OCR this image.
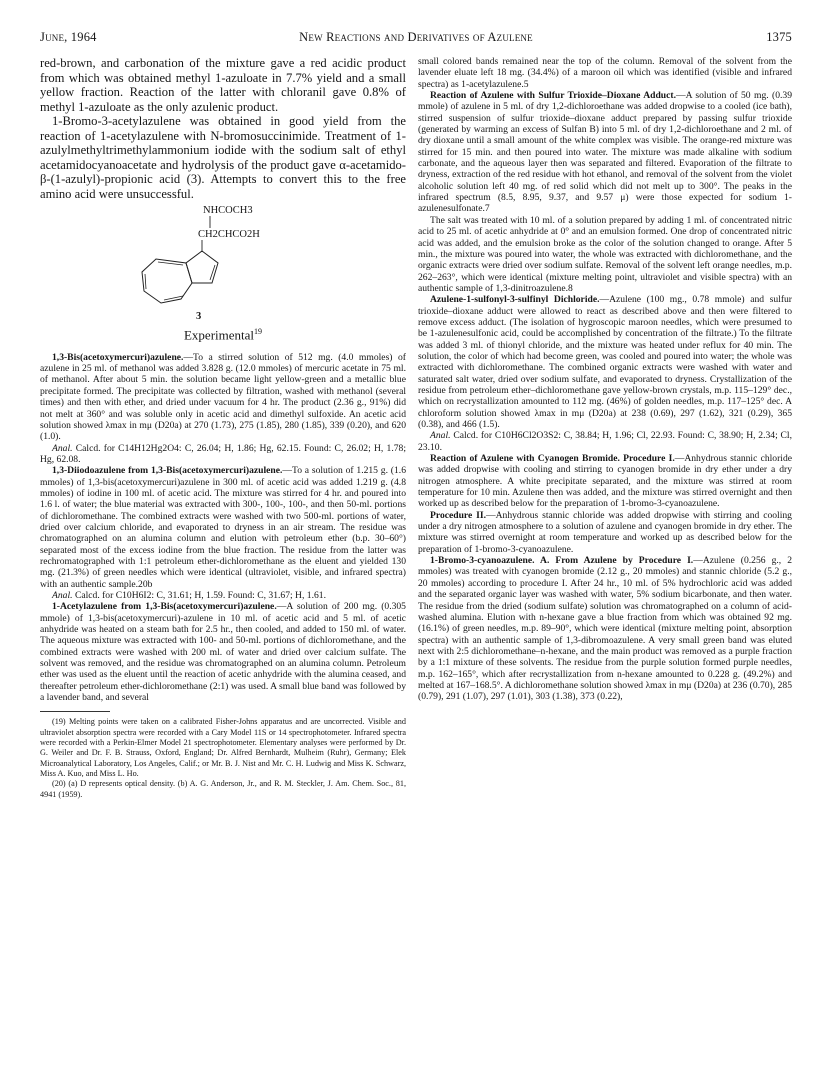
June, 1964	New Reactions and Derivatives of Azulene	1375

red-brown, and carbonation of the mixture gave a red acidic product from which was obtained methyl 1-azuloate in 7.7% yield and a small yellow fraction. Reaction of the latter with chloranil gave 0.8% of methyl 1-azuloate as the only azulenic product.

1-Bromo-3-acetylazulene was obtained in good yield from the reaction of 1-acetylazulene with N-bromosuccinimide. Treatment of 1-azulylmethyltrimethylammonium iodide with the sodium salt of ethyl acetamidocyanoacetate and hydrolysis of the product gave α-acetamido-β-(1-azulyl)-propionic acid (3). Attempts to convert this to the free amino acid were unsuccessful.

NHCOCH3
CH2CHCO2H
3
Experimental$^{19}$

1,3-Bis(acetoxymercuri)azulene.—To a stirred solution of 512 mg. (4.0 mmoles) of azulene in 25 ml. of methanol was added 3.828 g. (12.0 mmoles) of mercuric acetate in 75 ml. of methanol. After about 5 min. the solution became light yellow-green and a metallic blue precipitate formed. The precipitate was collected by filtration, washed with methanol (several times) and then with ether, and dried under vacuum for 4 hr. The product (2.36 g., 91%) did not melt at 360° and was soluble only in acetic acid and dimethyl sulfoxide. An acetic acid solution showed λmax in mμ (D20a) at 270 (1.73), 275 (1.85), 280 (1.85), 339 (0.20), and 620 (1.0).

Anal. Calcd. for C14H12Hg2O4: C, 26.04; H, 1.86; Hg, 62.15. Found: C, 26.02; H, 1.78; Hg, 62.08.

1,3-Diiodoazulene from 1,3-Bis(acetoxymercuri)azulene.—To a solution of 1.215 g. (1.6 mmoles) of 1,3-bis(acetoxymercuri)azulene in 300 ml. of acetic acid was added 1.219 g. (4.8 mmoles) of iodine in 100 ml. of acetic acid. The mixture was stirred for 4 hr. and poured into 1.6 l. of water; the blue material was extracted with 300-, 100-, 100-, and then 50-ml. portions of dichloromethane. The combined extracts were washed with two 500-ml. portions of water, dried over calcium chloride, and evaporated to dryness in an air stream. The residue was chromatographed on an alumina column and elution with petroleum ether (b.p. 30–60°) separated most of the excess iodine from the blue fraction. The residue from the latter was rechromatographed with 1:1 petroleum ether-dichloromethane as the eluent and yielded 130 mg. (21.3%) of green needles which were identical (ultraviolet, visible, and infrared spectra) with an authentic sample.20b

Anal. Calcd. for C10H6I2: C, 31.61; H, 1.59. Found: C, 31.67; H, 1.61.

1-Acetylazulene from 1,3-Bis(acetoxymercuri)azulene.—A solution of 200 mg. (0.305 mmole) of 1,3-bis(acetoxymercuri)-azulene in 10 ml. of acetic acid and 5 ml. of acetic anhydride was heated on a steam bath for 2.5 hr., then cooled, and added to 150 ml. of water. The aqueous mixture was extracted with 100- and 50-ml. portions of dichloromethane, and the combined extracts were washed with 200 ml. of water and dried over calcium sulfate. The solvent was removed, and the residue was chromatographed on an alumina column. Petroleum ether was used as the eluent until the reaction of acetic anhydride with the alumina ceased, and thereafter petroleum ether-dichloromethane (2:1) was used. A small blue band was followed by a lavender band, and several

(19) Melting points were taken on a calibrated Fisher-Johns apparatus and are uncorrected. Visible and ultraviolet absorption spectra were recorded with a Cary Model 11S or 14 spectrophotometer. Infrared spectra were recorded with a Perkin-Elmer Model 21 spectrophotometer. Elementary analyses were performed by Dr. G. Weiler and Dr. F. B. Strauss, Oxford, England; Dr. Alfred Bernhardt, Mulheim (Ruhr), Germany; Elek Microanalytical Laboratory, Los Angeles, Calif.; or Mr. B. J. Nist and Mr. C. H. Ludwig and Miss K. Schwarz, Miss A. Kuo, and Miss L. Ho.

(20) (a) D represents optical density. (b) A. G. Anderson, Jr., and R. M. Steckler, J. Am. Chem. Soc., 81, 4941 (1959).

small colored bands remained near the top of the column. Removal of the solvent from the lavender eluate left 18 mg. (34.4%) of a maroon oil which was identified (visible and infrared spectra) as 1-acetylazulene.5

Reaction of Azulene with Sulfur Trioxide–Dioxane Adduct.—A solution of 50 mg. (0.39 mmole) of azulene in 5 ml. of dry 1,2-dichloroethane was added dropwise to a cooled (ice bath), stirred suspension of sulfur trioxide–dioxane adduct prepared by passing sulfur trioxide (generated by warming an excess of Sulfan B) into 5 ml. of dry 1,2-dichloroethane and 2 ml. of dry dioxane until a small amount of the white complex was visible. The orange-red mixture was stirred for 15 min. and then poured into water. The mixture was made alkaline with sodium carbonate, and the aqueous layer then was separated and filtered. Evaporation of the filtrate to dryness, extraction of the red residue with hot ethanol, and removal of the solvent from the violet alcoholic solution left 40 mg. of red solid which did not melt up to 300°. The peaks in the infrared spectrum (8.5, 8.95, 9.37, and 9.57 μ) were those expected for sodium 1-azulenesulfonate.7

The salt was treated with 10 ml. of a solution prepared by adding 1 ml. of concentrated nitric acid to 25 ml. of acetic anhydride at 0° and an emulsion formed. One drop of concentrated nitric acid was added, and the emulsion broke as the color of the solution changed to orange. After 5 min., the mixture was poured into water, the whole was extracted with dichloromethane, and the organic extracts were dried over sodium sulfate. Removal of the solvent left orange needles, m.p. 262–263°, which were identical (mixture melting point, ultraviolet and visible spectra) with an authentic sample of 1,3-dinitroazulene.8

Azulene-1-sulfonyl-3-sulfinyl Dichloride.—Azulene (100 mg., 0.78 mmole) and sulfur trioxide–dioxane adduct were allowed to react as described above and then were filtered to remove excess adduct. (The isolation of hygroscopic maroon needles, which were presumed to be 1-azulenesulfonic acid, could be accomplished by concentration of the filtrate.) To the filtrate was added 3 ml. of thionyl chloride, and the mixture was heated under reflux for 40 min. The solution, the color of which had become green, was cooled and poured into water; the whole was extracted with dichloromethane. The combined organic extracts were washed with water and saturated salt water, dried over sodium sulfate, and evaporated to dryness. Crystallization of the residue from petroleum ether–dichloromethane gave yellow-brown crystals, m.p. 115–129° dec., which on recrystallization amounted to 112 mg. (46%) of golden needles, m.p. 117–125° dec. A chloroform solution showed λmax in mμ (D20a) at 238 (0.69), 297 (1.62), 321 (0.29), 365 (0.38), and 466 (1.5).

Anal. Calcd. for C10H6Cl2O3S2: C, 38.84; H, 1.96; Cl, 22.93. Found: C, 38.90; H, 2.34; Cl, 23.10.

Reaction of Azulene with Cyanogen Bromide. Procedure I.—Anhydrous stannic chloride was added dropwise with cooling and stirring to cyanogen bromide in dry ether under a dry nitrogen atmosphere. A white precipitate separated, and the mixture was stirred at room temperature for 10 min. Azulene then was added, and the mixture was stirred overnight and then worked up as described below for the preparation of 1-bromo-3-cyanoazulene.

Procedure II.—Anhydrous stannic chloride was added dropwise with stirring and cooling under a dry nitrogen atmosphere to a solution of azulene and cyanogen bromide in dry ether. The mixture was stirred overnight at room temperature and worked up as described below for the preparation of 1-bromo-3-cyanoazulene.

1-Bromo-3-cyanoazulene. A. From Azulene by Procedure I.—Azulene (0.256 g., 2 mmoles) was treated with cyanogen bromide (2.12 g., 20 mmoles) and stannic chloride (5.2 g., 20 mmoles) according to procedure I. After 24 hr., 10 ml. of 5% hydrochloric acid was added and the separated organic layer was washed with water, 5% sodium bicarbonate, and then water. The residue from the dried (sodium sulfate) solution was chromatographed on a column of acid-washed alumina. Elution with n-hexane gave a blue fraction from which was obtained 92 mg. (16.1%) of green needles, m.p. 89–90°, which were identical (mixture melting point, absorption spectra) with an authentic sample of 1,3-dibromoazulene. A very small green band was eluted next with 2:5 dichloromethane–n-hexane, and the main product was removed as a purple fraction by a 1:1 mixture of these solvents. The residue from the purple solution formed purple needles, m.p. 162–165°, which after recrystallization from n-hexane amounted to 0.228 g. (49.2%) and melted at 167–168.5°. A dichloromethane solution showed λmax in mμ (D20a) at 236 (0.70), 285 (0.79), 291 (1.07), 297 (1.01), 303 (1.38), 373 (0.22),
